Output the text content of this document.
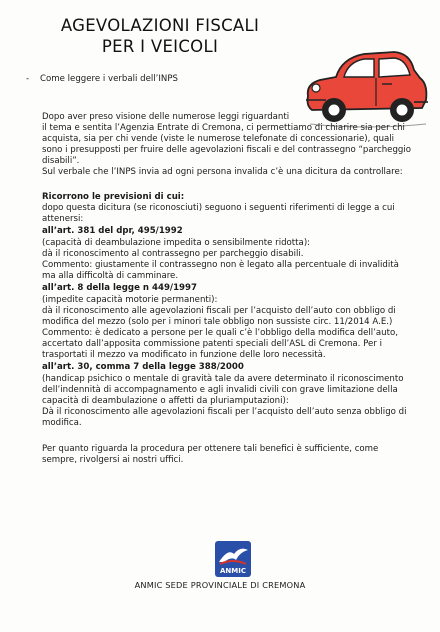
AGEVOLAZIONI FISCALI
PER I VEICOLI
- Come leggere i verbali dell’INPS
Dopo aver preso visione delle numerose leggi riguardanti
il tema e sentita l’Agenzia Entrate di Cremona, ci permettiamo di chiarire sia per chi
acquista, sia per chi vende (viste le numerose telefonate di concessionarie), quali
sono i presupposti per fruire delle agevolazioni fiscali e del contrassegno “parcheggio
disabili”.
Sul verbale che l’INPS invia ad ogni persona invalida c’è una dicitura da controllare:
Ricorrono le previsioni di cui:
dopo questa dicitura (se riconosciuti) seguono i seguenti riferimenti di legge a cui
attenersi:
all’art. 381 del dpr, 495/1992
(capacità di deambulazione impedita o sensibilmente ridotta):
dà il riconoscimento al contrassegno per parcheggio disabili.
Commento: giustamente il contrassegno non è legato alla percentuale di invalidità
ma alla difficoltà di camminare.
all’art. 8 della legge n 449/1997
(impedite capacità motorie permanenti):
dà il riconoscimento alle agevolazioni fiscali per l’acquisto dell’auto con obbligo di
modifica del mezzo (solo per i minori tale obbligo non sussiste circ. 11/2014 A.E.)
Commento: è dedicato a persone per le quali c’è l’obbligo della modifica dell’auto,
accertato dall’apposita commissione patenti speciali dell’ASL di Cremona. Per i
trasportati il mezzo va modificato in funzione delle loro necessità.
all’art. 30, comma 7 della legge 388/2000
(handicap psichico o mentale di gravità tale da avere determinato il riconoscimento
dell’indennità di accompagnamento e agli invalidi civili con grave limitazione della
capacità di deambulazione o affetti da pluriamputazioni):
Dà il riconoscimento alle agevolazioni fiscali per l’acquisto dell’auto senza obbligo di
modifica.
Per quanto riguarda la procedura per ottenere tali benefici è sufficiente, come
sempre, rivolgersi ai nostri uffici.
ANMIC
ANMIC SEDE PROVINCIALE DI CREMONA
